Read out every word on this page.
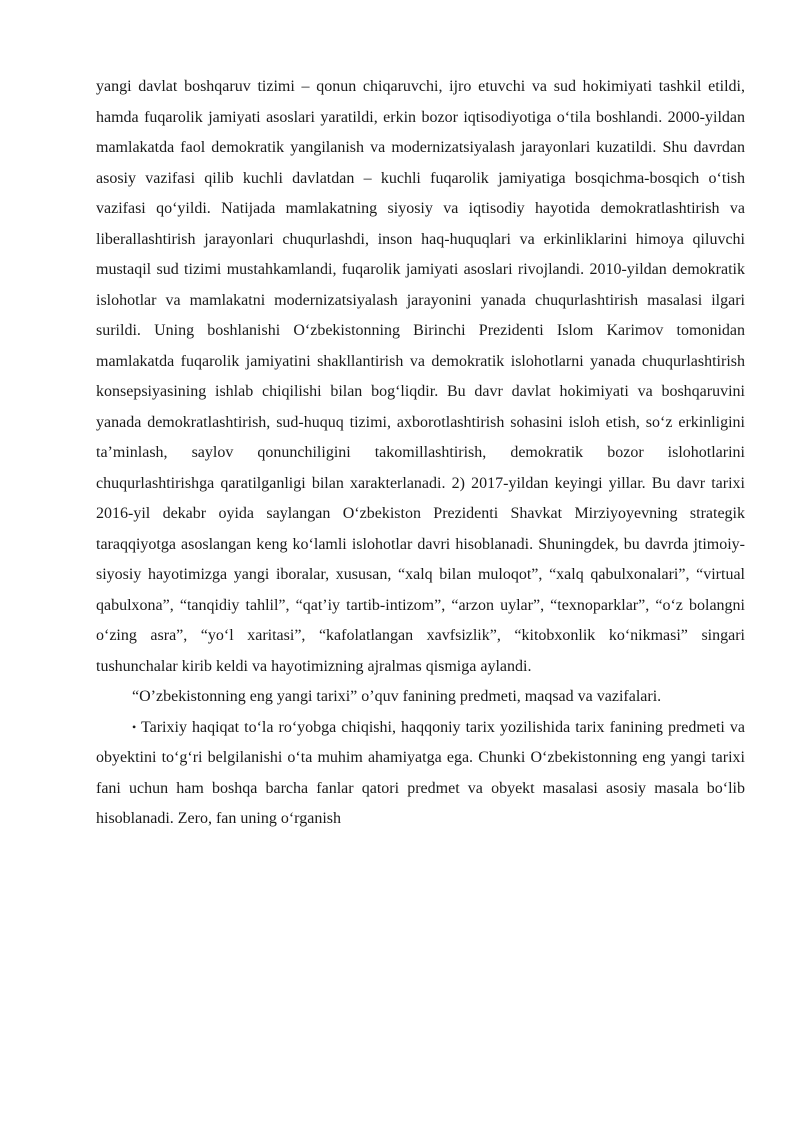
yangi davlat boshqaruv tizimi – qonun chiqaruvchi, ijro etuvchi va sud hokimiyati tashkil etildi, hamda fuqarolik jamiyati asoslari yaratildi, erkin bozor iqtisodiyotiga o‘tila boshlandi. 2000-yildan mamlakatda faol demokratik yangilanish va modernizatsiyalash jarayonlari kuzatildi. Shu davrdan asosiy vazifasi qilib kuchli davlatdan – kuchli fuqarolik jamiyatiga bosqichma-bosqich o‘tish vazifasi qo‘yildi. Natijada mamlakatning siyosiy va iqtisodiy hayotida demokratlashtirish va liberallashtirish jarayonlari chuqurlashdi, inson haq-huquqlari va erkinliklarini himoya qiluvchi mustaqil sud tizimi mustahkamlandi, fuqarolik jamiyati asoslari rivojlandi. 2010-yildan demokratik islohotlar va mamlakatni modernizatsiyalash jarayonini yanada chuqurlashtirish masalasi ilgari surildi. Uning boshlanishi O‘zbekistonning Birinchi Prezidenti Islom Karimov tomonidan mamlakatda fuqarolik jamiyatini shakllantirish va demokratik islohotlarni yanada chuqurlashtirish konsepsiyasining ishlab chiqilishi bilan bog‘liqdir. Bu davr davlat hokimiyati va boshqaruvini yanada demokratlashtirish, sud-huquq tizimi, axborotlashtirish sohasini isloh etish, so‘z erkinligini ta’minlash, saylov qonunchiligini takomillashtirish, demokratik bozor islohotlarini chuqurlashtirishga qaratilganligi bilan xarakterlanadi. 2) 2017-yildan keyingi yillar. Bu davr tarixi 2016-yil dekabr oyida saylangan O‘zbekiston Prezidenti Shavkat Mirziyoyevning strategik taraqqiyotga asoslangan keng ko‘lamli islohotlar davri hisoblanadi. Shuningdek, bu davrda jtimoiy-siyosiy hayotimizga yangi iboralar, xususan, “xalq bilan muloqot”, “xalq qabulxonalari”, “virtual qabulxona”, “tanqidiy tahlil”, “qat’iy tartib-intizom”, “arzon uylar”, “texnoparklar”, “o‘z bolangni o‘zing asra”, “yo‘l xaritasi”, “kafolatlangan xavfsizlik”, “kitobxonlik ko‘nikmasi” singari tushunchalar kirib keldi va hayotimizning ajralmas qismiga aylandi.

“O’zbekistonning eng yangi tarixi” o’quv fanining predmeti, maqsad va vazifalari.

• Tarixiy haqiqat to‘la ro‘yobga chiqishi, haqqoniy tarix yozilishida tarix fanining predmeti va obyektini to‘g‘ri belgilanishi o‘ta muhim ahamiyatga ega. Chunki O‘zbekistonning eng yangi tarixi fani uchun ham boshqa barcha fanlar qatori predmet va obyekt masalasi asosiy masala bo‘lib hisoblanadi. Zero, fan uning o‘rganish
